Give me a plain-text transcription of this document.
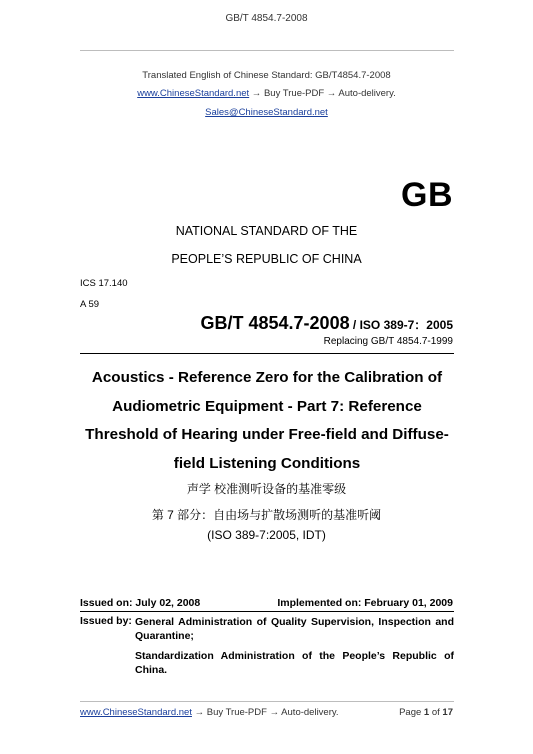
GB/T 4854.7-2008
Translated English of Chinese Standard: GB/T4854.7-2008
www.ChineseStandard.net → Buy True-PDF → Auto-delivery.
Sales@ChineseStandard.net
GB
NATIONAL STANDARD OF THE
PEOPLE’S REPUBLIC OF CHINA
ICS 17.140
A 59
GB/T 4854.7-2008 / ISO 389-7：2005
Replacing GB/T 4854.7-1999
Acoustics - Reference Zero for the Calibration of Audiometric Equipment - Part 7: Reference Threshold of Hearing under Free-field and Diffuse-field Listening Conditions
声学 校准测听设备的基准零级
第 7 部分：自由场与扩散场测听的基准听阈
(ISO 389-7:2005, IDT)
Issued on: July 02, 2008	Implemented on: February 01, 2009
Issued by: General Administration of Quality Supervision, Inspection and Quarantine;
Standardization Administration of the People’s Republic of China.
www.ChineseStandard.net → Buy True-PDF → Auto-delivery.	Page 1 of 17
